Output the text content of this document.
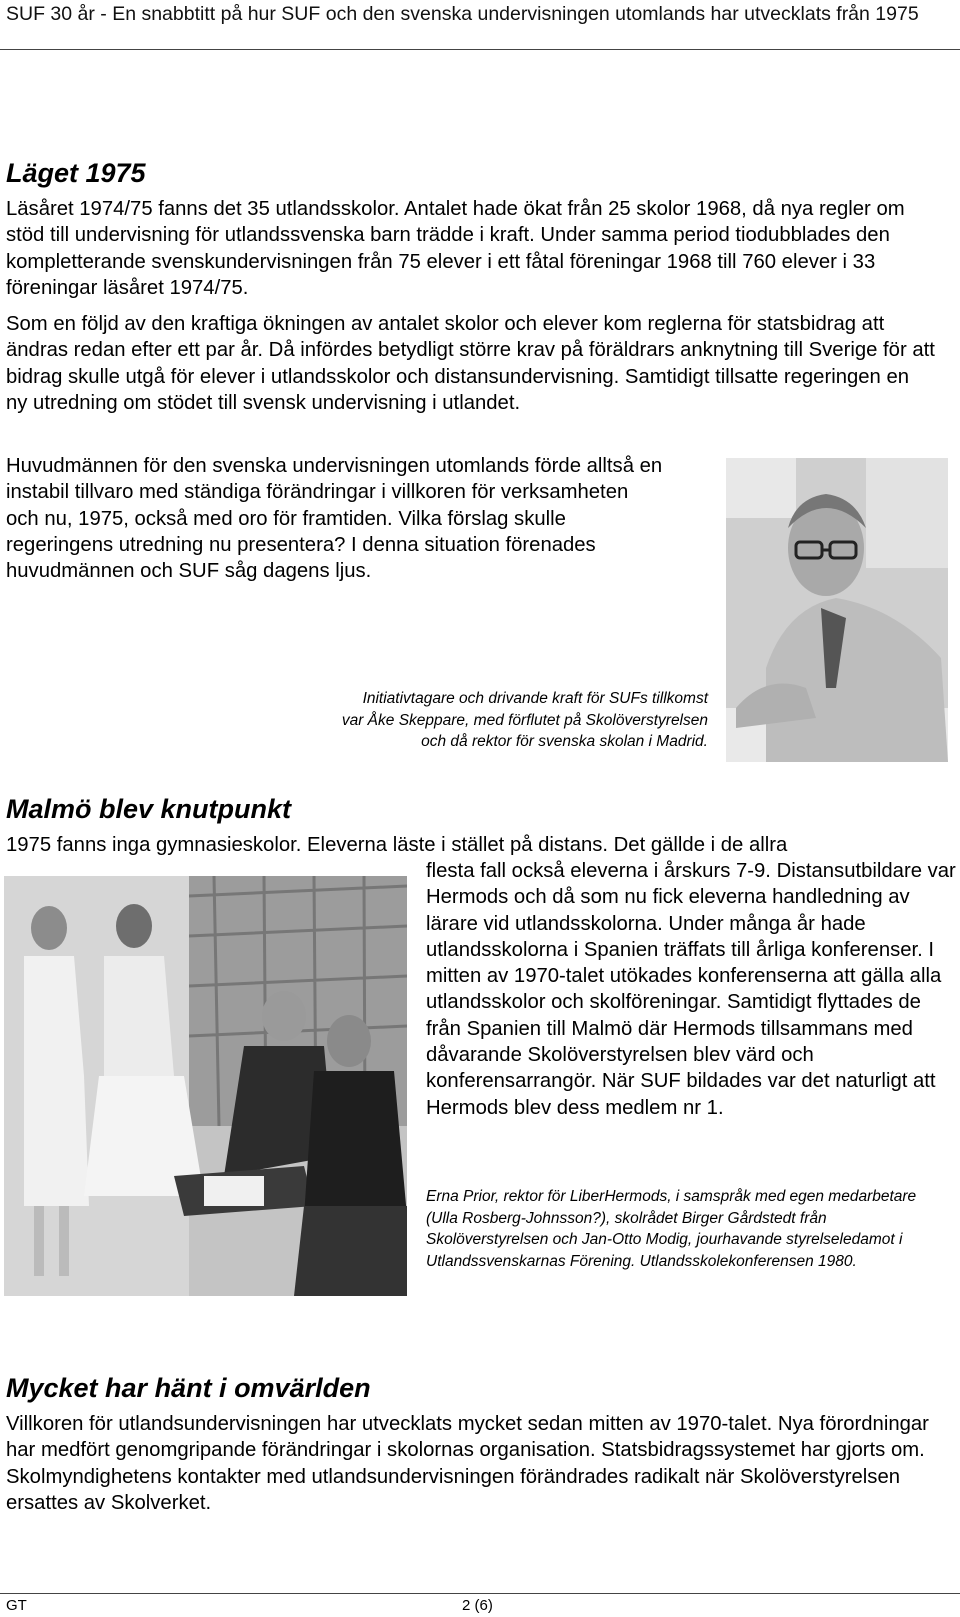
SUF 30 år - En snabbtitt på hur SUF och den svenska undervisningen utomlands har utvecklats från 1975
Läget 1975

Läsåret 1974/75 fanns det 35 utlandsskolor. Antalet hade ökat från 25 skolor 1968, då nya regler om stöd till undervisning för utlandssvenska barn trädde i kraft. Under samma period tiodubblades den kompletterande svenskundervisningen från 75 elever i ett fåtal föreningar 1968 till 760 elever i 33 föreningar läsåret 1974/75.

Som en följd av den kraftiga ökningen av antalet skolor och elever kom reglerna för statsbidrag att ändras redan efter ett par år. Då infördes betydligt större krav på föräldrars anknytning till Sverige för att bidrag skulle utgå för elever i utlandsskolor och distansundervisning. Samtidigt tillsatte regeringen en ny utredning om stödet till svensk undervisning i utlandet.

Huvudmännen för den svenska undervisningen utomlands förde alltså en instabil tillvaro med ständiga förändringar i villkoren för verksamheten och nu, 1975, också med oro för framtiden. Vilka förslag skulle regeringens utredning nu presentera? I denna situation förenades huvudmännen och SUF såg dagens ljus.

Initiativtagare och drivande kraft för SUFs tillkomst

var Åke Skeppare, med förflutet på Skolöverstyrelsen

och då rektor för svenska skolan i Madrid.

Malmö blev knutpunkt

1975 fanns inga gymnasieskolor. Eleverna läste i stället på distans. Det gällde i de allra

flesta fall också eleverna i årskurs 7-9. Distansutbildare var Hermods och då som nu fick eleverna handledning av lärare vid utlandsskolorna. Under många år hade utlandsskolorna i Spanien träffats till årliga konferenser. I mitten av 1970-talet utökades konferenserna att gälla alla utlandsskolor och skolföreningar. Samtidigt flyttades de från Spanien till Malmö där Hermods tillsammans med dåvarande Skolöverstyrelsen blev värd och konferensarrangör. När SUF bildades var det naturligt att Hermods blev dess medlem nr 1.

Erna Prior, rektor för LiberHermods, i samspråk med egen medarbetare (Ulla Rosberg-Johnsson?), skolrådet Birger Gårdstedt från Skolöverstyrelsen och Jan-Otto Modig, jourhavande styrelseledamot i Utlandssvenskarnas Förening. Utlandsskolekonferensen 1980.

Mycket har hänt i omvärlden

Villkoren för utlandsundervisningen har utvecklats mycket sedan mitten av 1970-talet. Nya förordningar har medfört genomgripande förändringar i skolornas organisation. Statsbidragssystemet har gjorts om. Skolmyndighetens kontakter med utlandsundervisningen förändrades radikalt när Skolöverstyrelsen ersattes av Skolverket.

GT	2 (6)
